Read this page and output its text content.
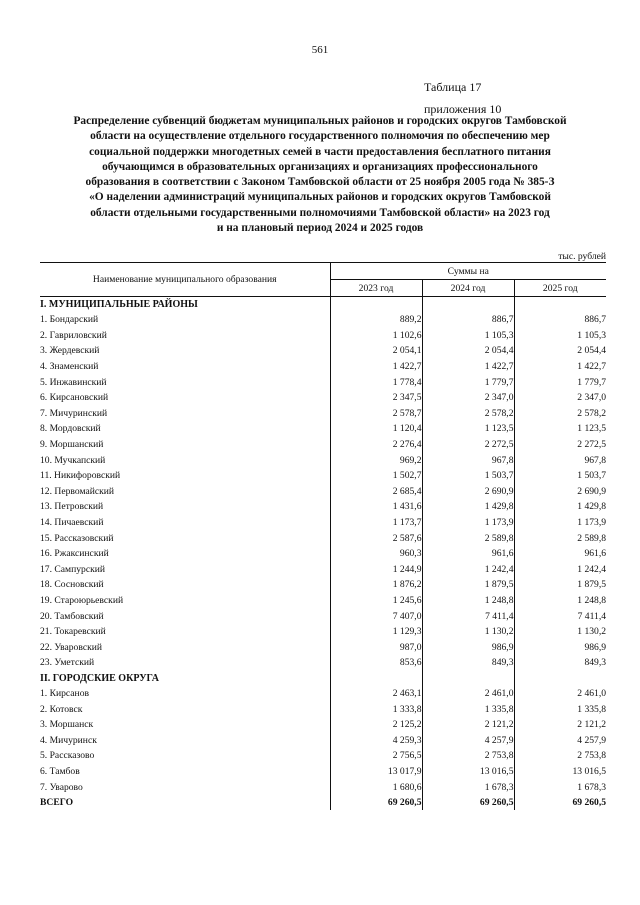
561
Таблица 17
приложения 10
Распределение субвенций бюджетам муниципальных районов и городских округов Тамбовской
области на осуществление отдельного государственного полномочия по обеспечению мер
социальной поддержки многодетных семей в части предоставления бесплатного питания
обучающимся в образовательных организациях и организациях профессионального
образования в соответствии с Законом Тамбовской области от 25 ноября 2005 года № 385-З
«О наделении администраций муниципальных районов и городских округов Тамбовской
области отдельными государственными полномочиями Тамбовской области» на 2023 год
и на плановый период 2024 и 2025 годов
тыс. рублей			
Наименование муниципального образования	Суммы на		
	2023 год	2024 год	2025 год

I. МУНИЦИПАЛЬНЫЕ РАЙОНЫ			
1. Бондарский	889,2	886,7	886,7
2. Гавриловский	1 102,6	1 105,3	1 105,3
3. Жердевский	2 054,1	2 054,4	2 054,4
4. Знаменский	1 422,7	1 422,7	1 422,7
5. Инжавинский	1 778,4	1 779,7	1 779,7
6. Кирсановский	2 347,5	2 347,0	2 347,0
7. Мичуринский	2 578,7	2 578,2	2 578,2
8. Мордовский	1 120,4	1 123,5	1 123,5
9. Моршанский	2 276,4	2 272,5	2 272,5
10. Мучкапский	969,2	967,8	967,8
11. Никифоровский	1 502,7	1 503,7	1 503,7
12. Первомайский	2 685,4	2 690,9	2 690,9
13. Петровский	1 431,6	1 429,8	1 429,8
14. Пичаевский	1 173,7	1 173,9	1 173,9
15. Рассказовский	2 587,6	2 589,8	2 589,8
16. Ржаксинский	960,3	961,6	961,6
17. Сампурский	1 244,9	1 242,4	1 242,4
18. Сосновский	1 876,2	1 879,5	1 879,5
19. Староюрьевский	1 245,6	1 248,8	1 248,8
20. Тамбовский	7 407,0	7 411,4	7 411,4
21. Токаревский	1 129,3	1 130,2	1 130,2
22. Уваровский	987,0	986,9	986,9
23. Уметский	853,6	849,3	849,3
II. ГОРОДСКИЕ ОКРУГА			
1. Кирсанов	2 463,1	2 461,0	2 461,0
2. Котовск	1 333,8	1 335,8	1 335,8
3. Моршанск	2 125,2	2 121,2	2 121,2
4. Мичуринск	4 259,3	4 257,9	4 257,9
5. Рассказово	2 756,5	2 753,8	2 753,8
6. Тамбов	13 017,9	13 016,5	13 016,5
7. Уварово	1 680,6	1 678,3	1 678,3
ВСЕГО	69 260,5	69 260,5	69 260,5
